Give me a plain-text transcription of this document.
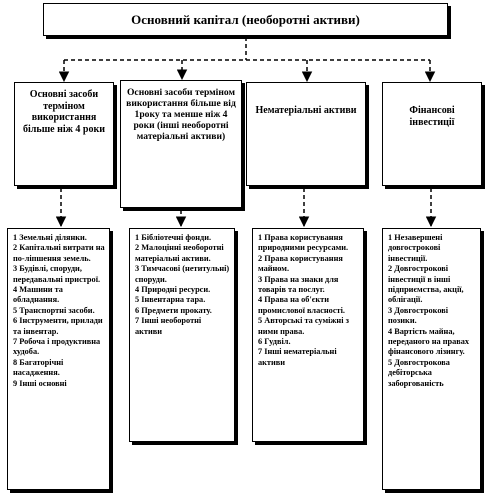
Основний капітал (необоротні активи)
Основні засоби терміном використання більше ніж 4 роки
Основні засоби терміном використання більше від 1року та менше ніж 4 роки (інші необоротні матеріальні активи)
Нематеріальні активи	Фінансові інвестиції
1 Земельні ділянки.
2 Капітальні витрати на по-ліпшення земель.
3 Будівлі, споруди, передавальні пристрої.
4 Машини та обладнання.
5 Транспортні засоби.
6 Інструменти, прилади та інвентар.
7 Робоча і продуктивна худоба.
8 Багаторічні насадження.
9 Інші основні
1 Бібліотечні фонди.
2 Малоцінні необоротні матеріальні активи.
3 Тимчасові (нетитульні) споруди.
4 Природні ресурси.
5 Інвентарна тара.
6 Предмети прокату.
7 Інші необоротні активи
1 Права користування природними ресурсами.
2 Права користування майном.
3 Права на знаки для товарів та послуг.
4 Права на об'єкти промислової власності.
5 Авторські та суміжні з ними права.
6 Гудвіл.
7 Інші нематеріальні активи
1 Незавершені довгострокові інвестиції.
2 Довгострокові інвестиції в інші підприємства, акції, облігації.
3 Довгострокові позики.
4 Вартість майна, переданого на правах фінансового лізингу.
5 Довгострокова дебіторська заборгованість
